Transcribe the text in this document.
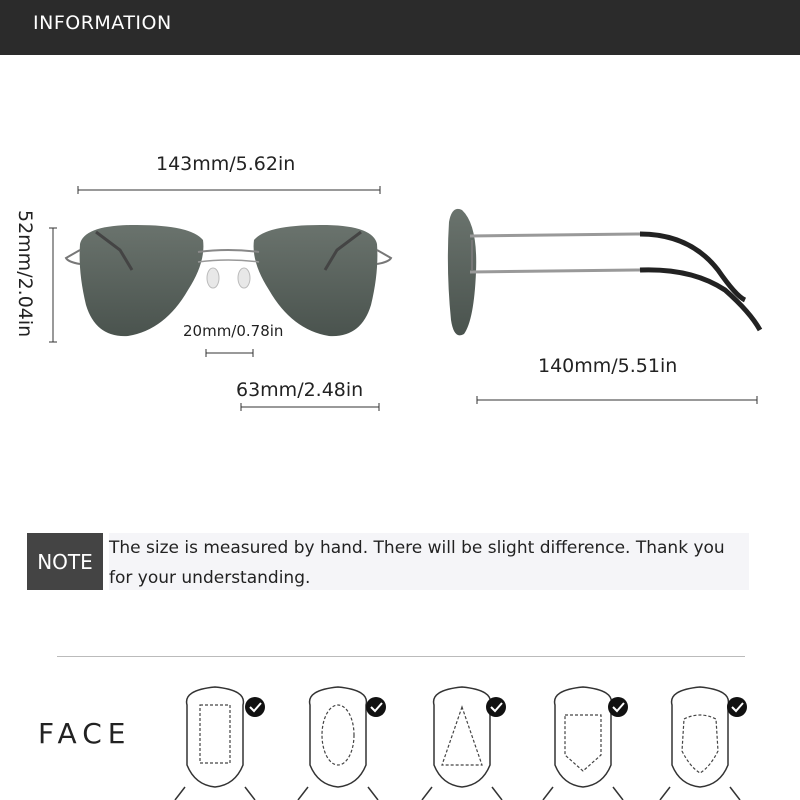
INFORMATION
143mm/5.62in
52mm/2.04in	20mm/0.78in
63mm/2.48in
140mm/5.51in
NOTE
The size is measured by hand. There will be slight difference. Thank you for your understanding.
FACE
